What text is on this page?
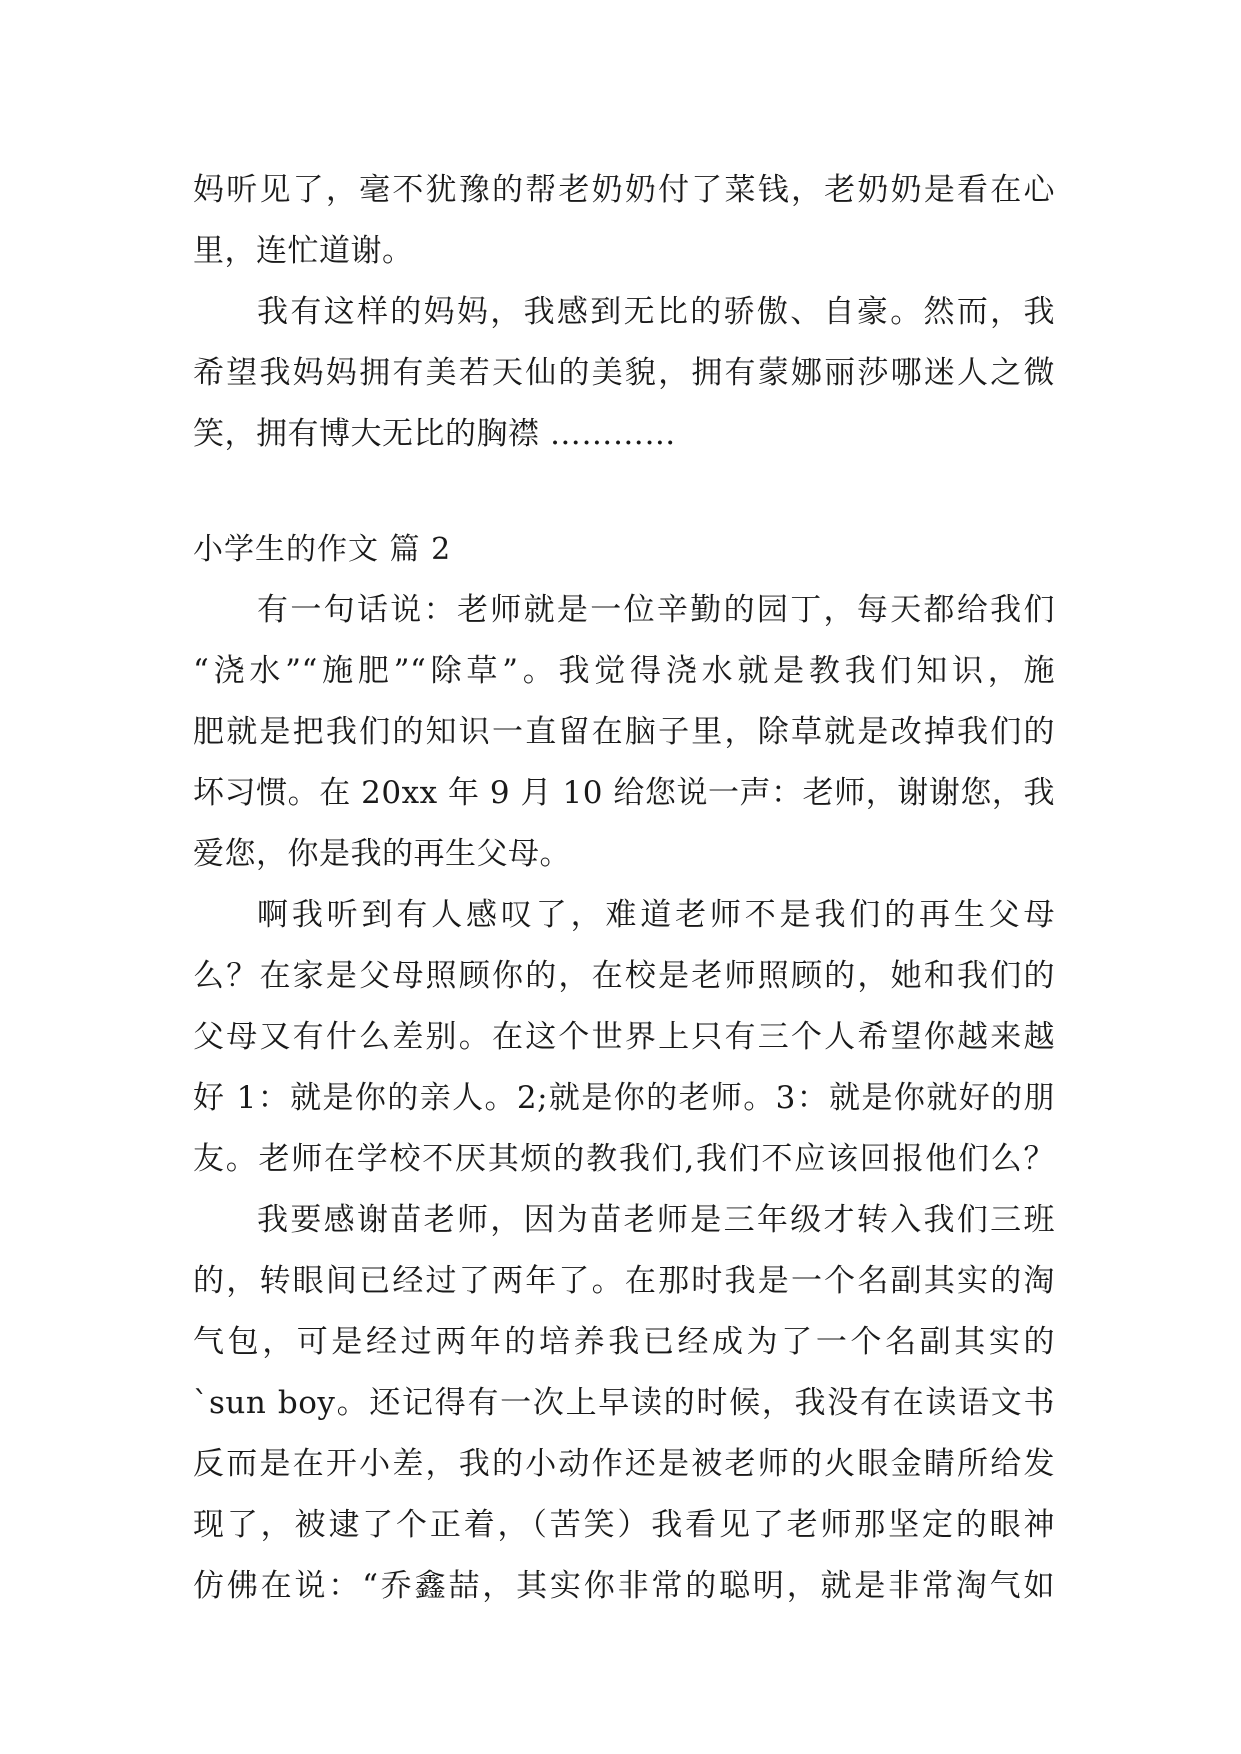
妈听见了，毫不犹豫的帮老奶奶付了菜钱，老奶奶是看在心
里，连忙道谢。
我有这样的妈妈，我感到无比的骄傲、自豪。然而，我
希望我妈妈拥有美若天仙的美貌，拥有蒙娜丽莎哪迷人之微
笑，拥有博大无比的胸襟 …………
小学生的作文 篇 2
有一句话说：老师就是一位辛勤的园丁，每天都给我们
“浇水”“施肥”“除草”。我觉得浇水就是教我们知识，施
肥就是把我们的知识一直留在脑子里，除草就是改掉我们的
坏习惯。在 20xx 年 9 月 10 给您说一声：老师，谢谢您，我
爱您，你是我的再生父母。
啊我听到有人感叹了，难道老师不是我们的再生父母
么？在家是父母照顾你的，在校是老师照顾的，她和我们的
父母又有什么差别。在这个世界上只有三个人希望你越来越
好 1：就是你的亲人。2;就是你的老师。3：就是你就好的朋
友。老师在学校不厌其烦的教我们,我们不应该回报他们么？
我要感谢苗老师，因为苗老师是三年级才转入我们三班
的，转眼间已经过了两年了。在那时我是一个名副其实的淘
气包，可是经过两年的培养我已经成为了一个名副其实的
`sun boy。还记得有一次上早读的时候，我没有在读语文书
反而是在开小差，我的小动作还是被老师的火眼金睛所给发
现了，被逮了个正着，（苦笑）我看见了老师那坚定的眼神
仿佛在说：“乔鑫喆，其实你非常的聪明，就是非常淘气如
